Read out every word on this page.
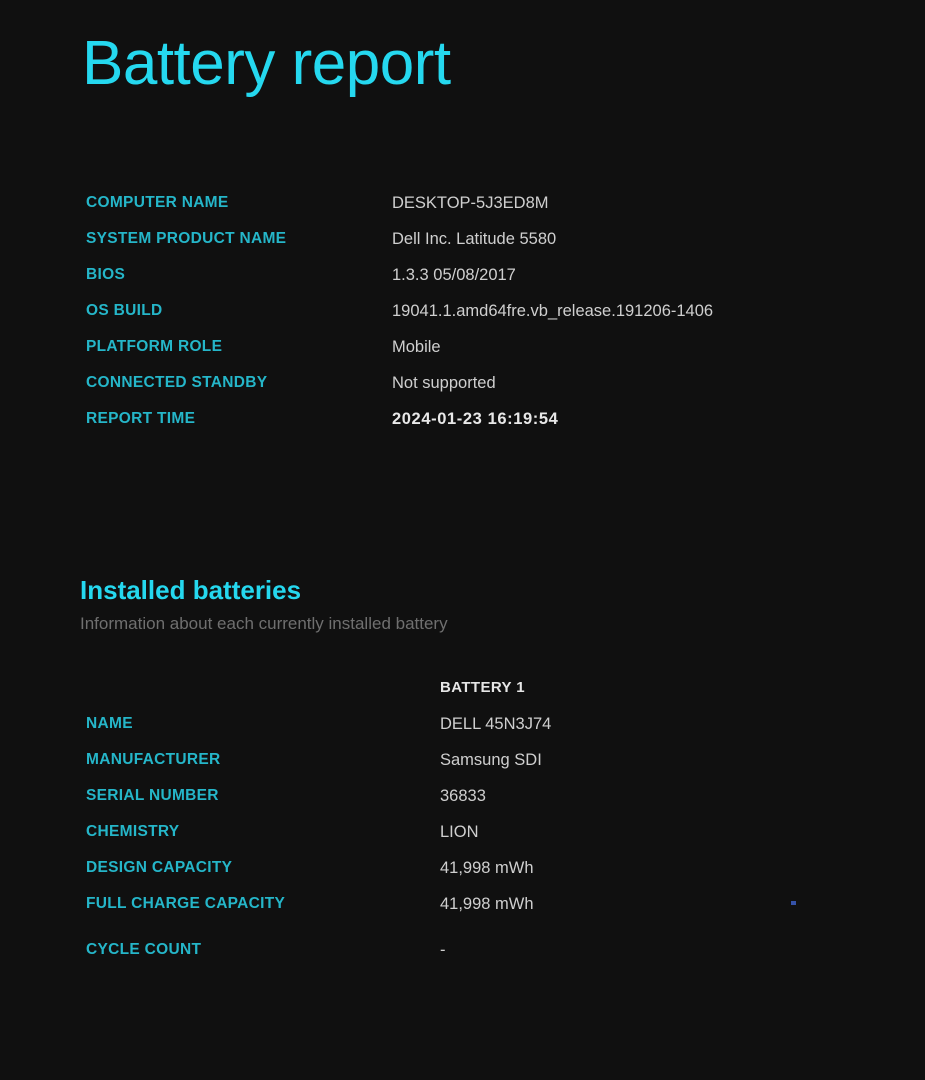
Battery report
COMPUTER NAME	DESKTOP-5J3ED8M
SYSTEM PRODUCT NAME	Dell Inc. Latitude 5580
BIOS	1.3.3 05/08/2017
OS BUILD	19041.1.amd64fre.vb_release.191206-1406
PLATFORM ROLE	Mobile
CONNECTED STANDBY	Not supported
REPORT TIME	2024-01-23 16:19:54
Installed batteries
Information about each currently installed battery
	BATTERY 1
NAME	DELL 45N3J74
MANUFACTURER	Samsung SDI
SERIAL NUMBER	36833
CHEMISTRY	LION
DESIGN CAPACITY	41,998 mWh
FULL CHARGE CAPACITY	41,998 mWh
CYCLE COUNT	-
